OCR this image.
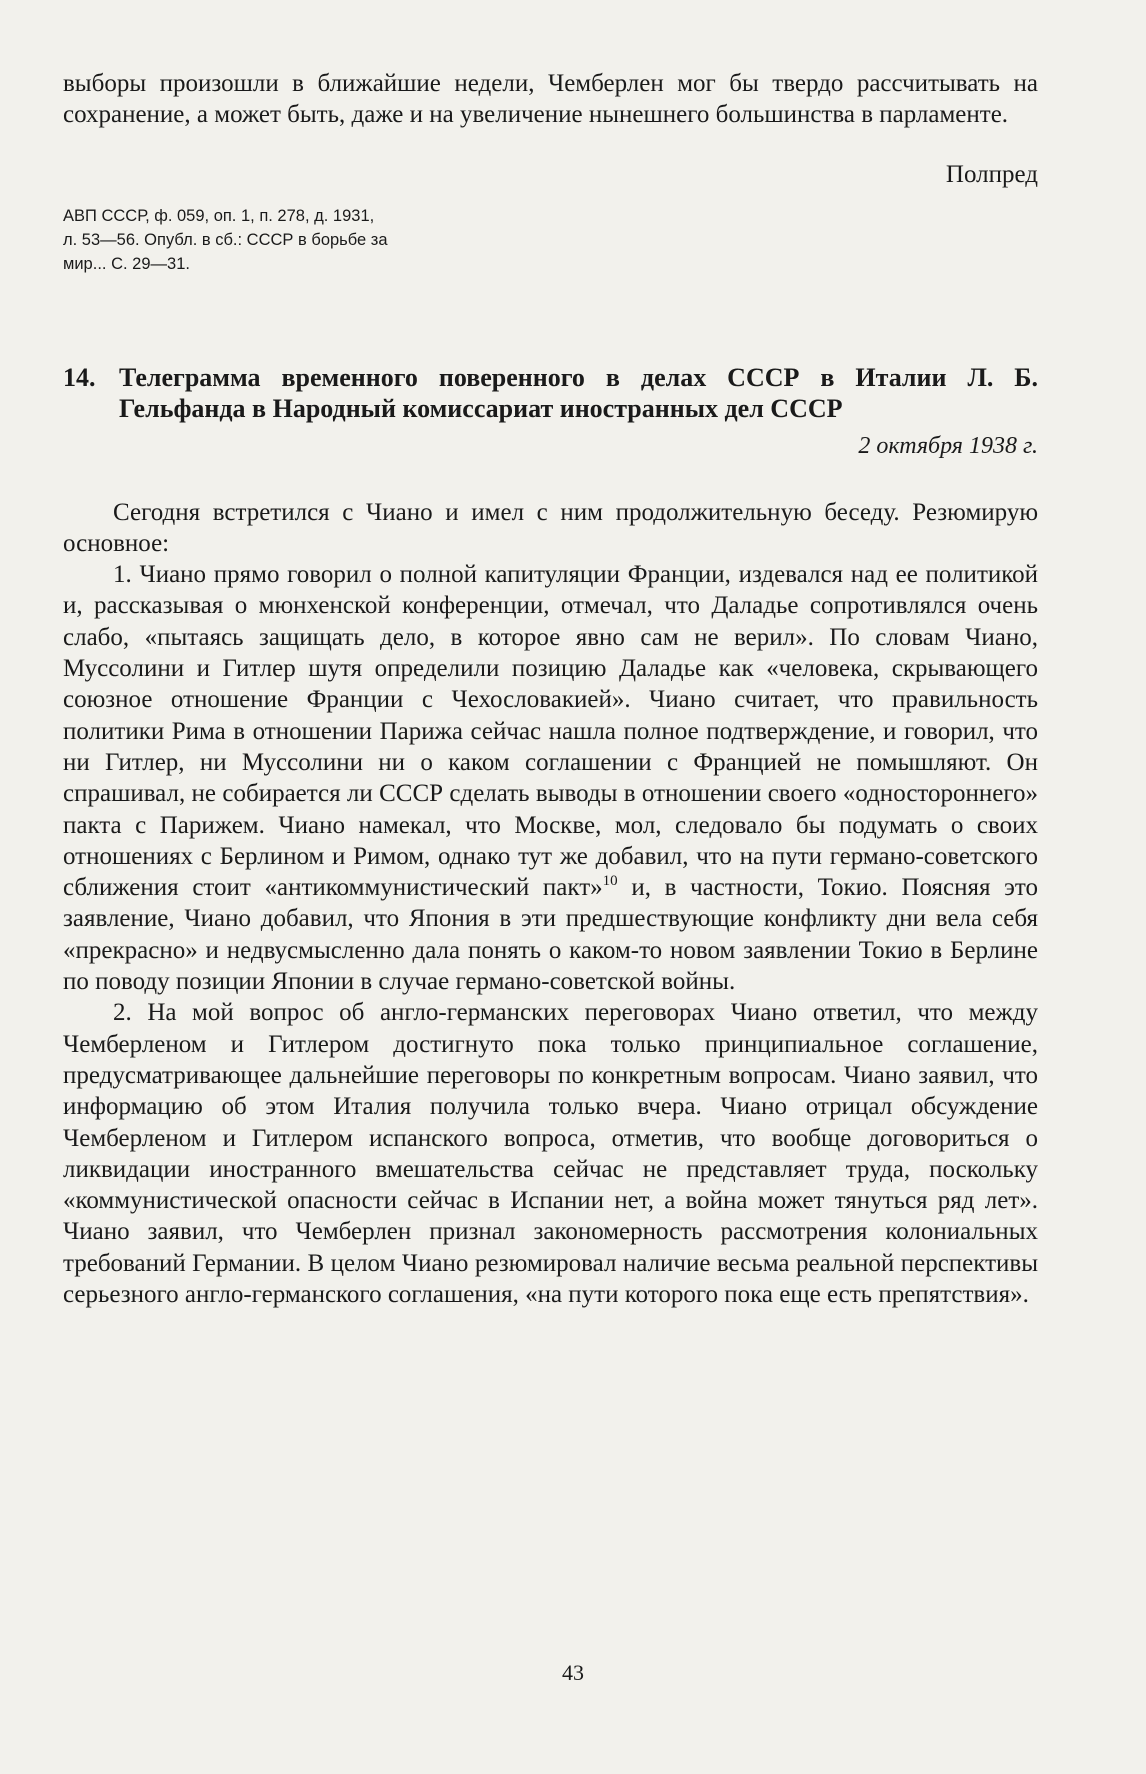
выборы произошли в ближайшие недели, Чемберлен мог бы твердо рассчитывать на сохранение, а может быть, даже и на увеличение нынешнего большинства в парламенте.

Полпред

АВП СССР, ф. 059, оп. 1, п. 278, д. 1931,
л. 53—56. Опубл. в сб.: СССР в борьбе за
мир... С. 29—31.
14. Телеграмма временного поверенного в делах СССР в Италии Л. Б. Гельфанда в Народный комиссариат иностранных дел СССР

2 октября 1938 г.

Сегодня встретился с Чиано и имел с ним продолжительную беседу. Резюмирую основное:

1. Чиано прямо говорил о полной капитуляции Франции, издевался над ее политикой и, рассказывая о мюнхенской конференции, отмечал, что Даладье сопротивлялся очень слабо, «пытаясь защищать дело, в которое явно сам не верил». По словам Чиано, Муссолини и Гитлер шутя определили позицию Даладье как «человека, скрывающего союзное отношение Франции с Чехословакией». Чиано считает, что правильность политики Рима в отношении Парижа сейчас нашла полное подтверждение, и говорил, что ни Гитлер, ни Муссолини ни о каком соглашении с Францией не помышляют. Он спрашивал, не собирается ли СССР сделать выводы в отношении своего «одностороннего» пакта с Парижем. Чиано намекал, что Москве, мол, следовало бы подумать о своих отношениях с Берлином и Римом, однако тут же добавил, что на пути германо-советского сближения стоит «антикоммунистический пакт»$^{10}$ и, в частности, Токио. Поясняя это заявление, Чиано добавил, что Япония в эти предшествующие конфликту дни вела себя «прекрасно» и недвусмысленно дала понять о каком-то новом заявлении Токио в Берлине по поводу позиции Японии в случае германо-советской войны.

2. На мой вопрос об англо-германских переговорах Чиано ответил, что между Чемберленом и Гитлером достигнуто пока только принципиальное соглашение, предусматривающее дальнейшие переговоры по конкретным вопросам. Чиано заявил, что информацию об этом Италия получила только вчера. Чиано отрицал обсуждение Чемберленом и Гитлером испанского вопроса, отметив, что вообще договориться о ликвидации иностранного вмешательства сейчас не представляет труда, поскольку «коммунистической опасности сейчас в Испании нет, а война может тянуться ряд лет». Чиано заявил, что Чемберлен признал закономерность рассмотрения колониальных требований Германии. В целом Чиано резюмировал наличие весьма реальной перспективы серьезного англо-германского соглашения, «на пути которого пока еще есть препятствия».

43
